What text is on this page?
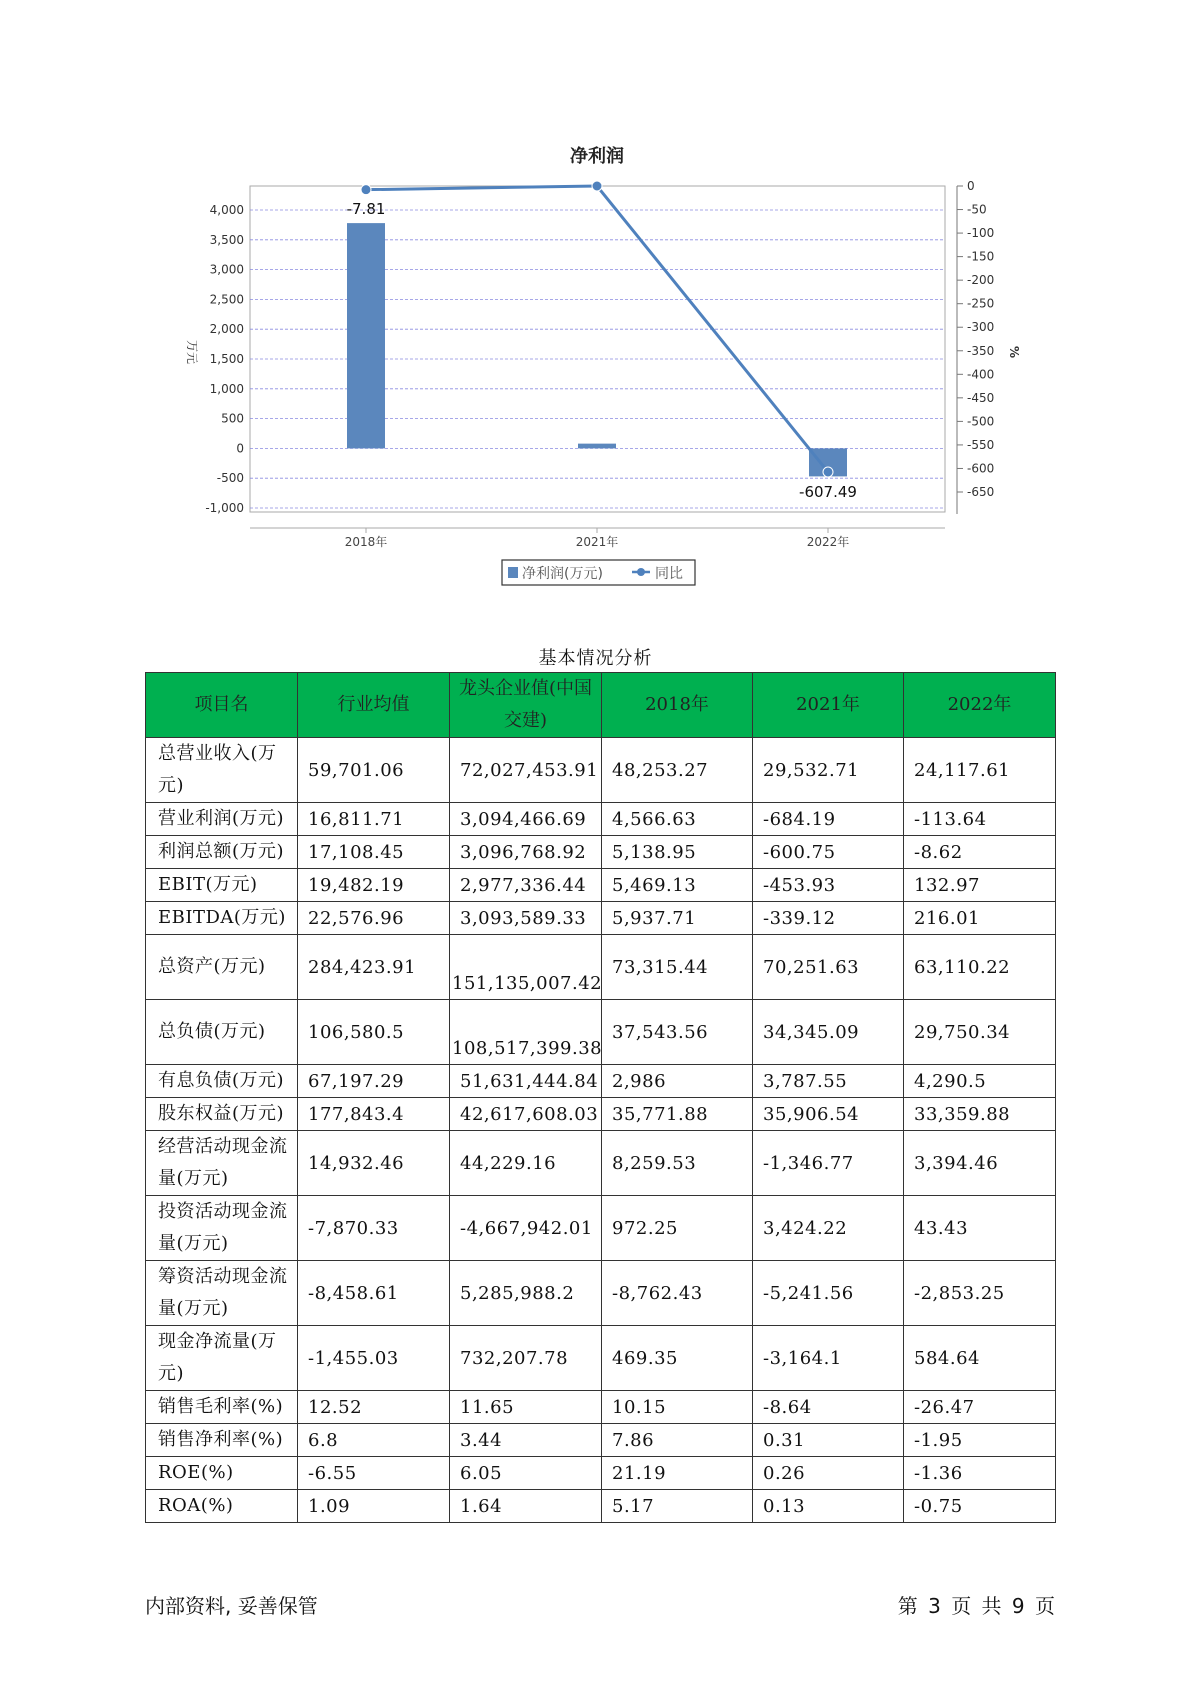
净利润
4,000
3,500
3,000
2,500
2,000
1,500
1,000
500
0
-500
-1,000
0
-50
-100
-150
-200
-250
-300
-350
-400
-450
-500
-550
-600
-650
万元	%
2018年	2021年	2022年
-7.81
-607.49
净利润(万元)	同比
基本情况分析
项目名	行业均值	龙头企业值(中国交建)	2018年	2021年	2022年
总营业收入(万元)	59,701.06	72,027,453.91	48,253.27	29,532.71	24,117.61
营业利润(万元)	16,811.71	3,094,466.69	4,566.63	-684.19	-113.64
利润总额(万元)	17,108.45	3,096,768.92	5,138.95	-600.75	-8.62
EBIT(万元)	19,482.19	2,977,336.44	5,469.13	-453.93	132.97
EBITDA(万元)	22,576.96	3,093,589.33	5,937.71	-339.12	216.01
总资产(万元)	284,423.91	151,135,007.42	73,315.44	70,251.63	63,110.22
总负债(万元)	106,580.5	108,517,399.38	37,543.56	34,345.09	29,750.34
有息负债(万元)	67,197.29	51,631,444.84	2,986	3,787.55	4,290.5
股东权益(万元)	177,843.4	42,617,608.03	35,771.88	35,906.54	33,359.88
经营活动现金流量(万元)	14,932.46	44,229.16	8,259.53	-1,346.77	3,394.46
投资活动现金流量(万元)	-7,870.33	-4,667,942.01	972.25	3,424.22	43.43
筹资活动现金流量(万元)	-8,458.61	5,285,988.2	-8,762.43	-5,241.56	-2,853.25
现金净流量(万元)	-1,455.03	732,207.78	469.35	-3,164.1	584.64
销售毛利率(%)	12.52	11.65	10.15	-8.64	-26.47
销售净利率(%)	6.8	3.44	7.86	0.31	-1.95
ROE(%)	-6.55	6.05	21.19	0.26	-1.36
ROA(%)	1.09	1.64	5.17	0.13	-0.75
内部资料, 妥善保管	第 3 页 共 9 页
